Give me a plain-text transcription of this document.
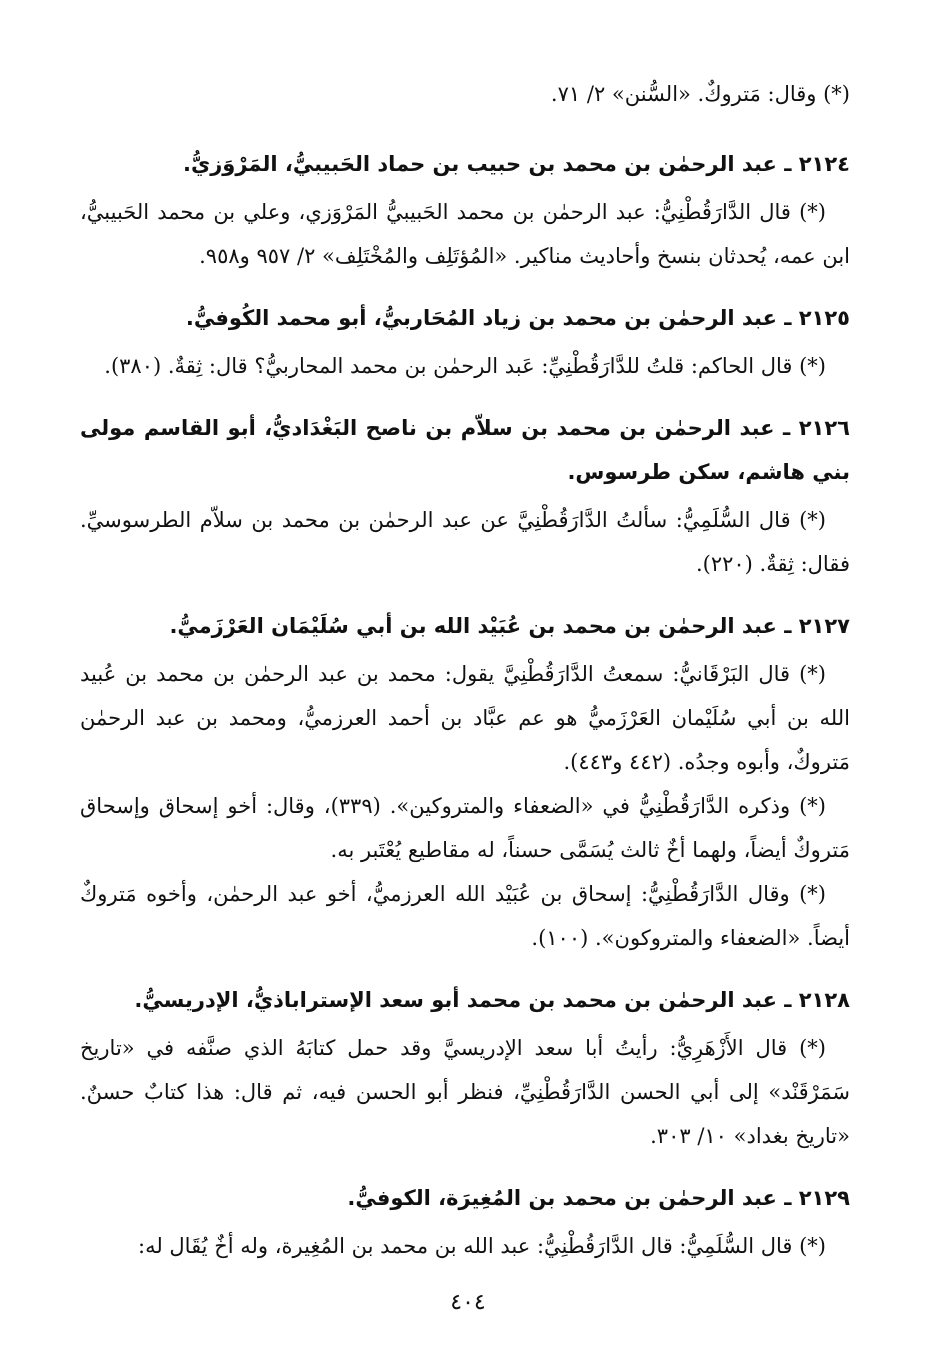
(*) وقال: مَتروكٌ. «السُّنن» ٢/ ٧١.

٢١٢٤ ـ عبد الرحمٰن بن محمد بن حبيب بن حماد الحَبيبيُّ، المَرْوَزيُّ.

(*) قال الدَّارَقُطْنِيُّ: عبد الرحمٰن بن محمد الحَبيبيُّ المَرْوَزي، وعلي بن محمد الحَبيبيُّ، ابن عمه، يُحدثان بنسخ وأحاديث مناكير. «المُؤتَلِف والمُخْتَلِف» ٢/ ٩٥٧ و٩٥٨.

٢١٢٥ ـ عبد الرحمٰن بن محمد بن زياد المُحَاربيُّ، أبو محمد الكُوفيُّ.

(*) قال الحاكم: قلتُ للدَّارَقُطْنِيِّ: عَبد الرحمٰن بن محمد المحاربيُّ؟ قال: ثِقةٌ. (٣٨٠).

٢١٢٦ ـ عبد الرحمٰن بن محمد بن سلاّم بن ناصح البَغْدَاديُّ، أبو القاسم مولى بني هاشم، سكن طرسوس.

(*) قال السُّلَمِيُّ: سألتُ الدَّارَقُطْنِيَّ عن عبد الرحمٰن بن محمد بن سلاّم الطرسوسيِّ. فقال: ثِقةٌ. (٢٢٠).

٢١٢٧ ـ عبد الرحمٰن بن محمد بن عُبَيْد الله بن أبي سُلَيْمَان العَرْزَميُّ.

(*) قال البَرْقَانيُّ: سمعتُ الدَّارَقُطْنِيَّ يقول: محمد بن عبد الرحمٰن بن محمد بن عُبيد الله بن أبي سُلَيْمان العَرْزَميُّ هو عم عبَّاد بن أحمد العرزميُّ، ومحمد بن عبد الرحمٰن مَتروكٌ، وأبوه وجدُه. (٤٤٢ و٤٤٣).

(*) وذكره الدَّارَقُطْنِيُّ في «الضعفاء والمتروكين». (٣٣٩)، وقال: أخو إسحاق وإسحاق مَتروكٌ أيضاً، ولهما أخٌ ثالث يُسَمَّى حسناً، له مقاطيع يُعْتَبر به.

(*) وقال الدَّارَقُطْنِيُّ: إسحاق بن عُبَيْد الله العرزميُّ، أخو عبد الرحمٰن، وأخوه مَتروكٌ أيضاً. «الضعفاء والمتروكون». (١٠٠).

٢١٢٨ ـ عبد الرحمٰن بن محمد بن محمد أبو سعد الإستراباذيُّ، الإدريسيُّ.

(*) قال الأَزْهَرِيُّ: رأيتُ أبا سعد الإدريسيَّ وقد حمل كتابَهُ الذي صنَّفه في «تاريخ سَمَرْقَنْد» إلى أبي الحسن الدَّارَقُطْنِيِّ، فنظر أبو الحسن فيه، ثم قال: هذا كتابٌ حسنٌ. «تاريخ بغداد» ١٠/ ٣٠٣.

٢١٢٩ ـ عبد الرحمٰن بن محمد بن المُغِيرَة، الكوفيُّ.

(*) قال السُّلَمِيُّ: قال الدَّارَقُطْنِيُّ: عبد الله بن محمد بن المُغِيرة، وله أخٌ يُقَال له:

٤٠٤
